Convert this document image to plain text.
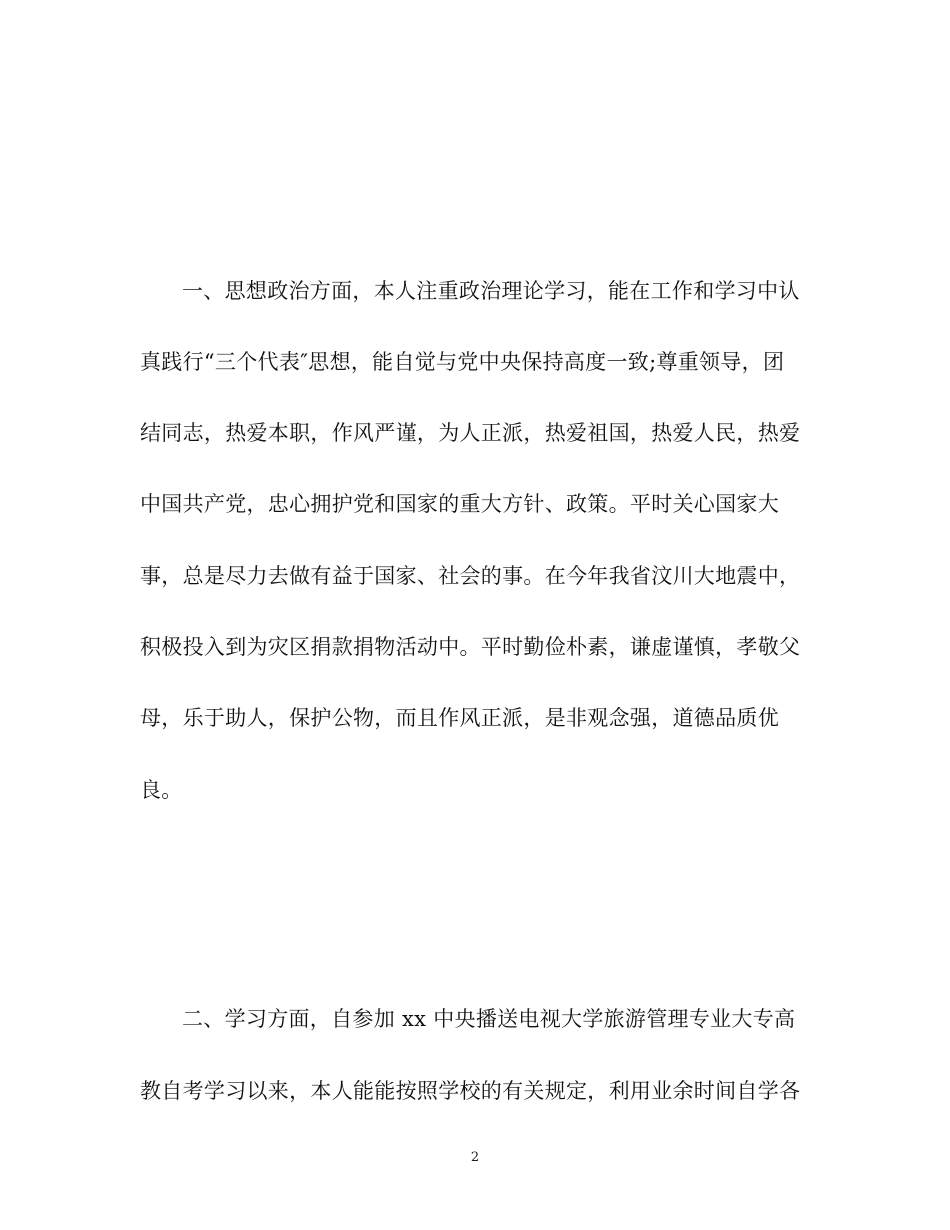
一、思想政治方面，本人注重政治理论学习，能在工作和学习中认
真践行“三个代表″思想，能自觉与党中央保持高度一致;尊重领导，团
结同志，热爱本职，作风严谨，为人正派，热爱祖国，热爱人民，热爱
中国共产党，忠心拥护党和国家的重大方针、政策。平时关心国家大
事，总是尽力去做有益于国家、社会的事。在今年我省汶川大地震中，
积极投入到为灾区捐款捐物活动中。平时勤俭朴素，谦虚谨慎，孝敬父
母，乐于助人，保护公物，而且作风正派，是非观念强，道德品质优
良。
二、学习方面，自参加 xx 中央播送电视大学旅游管理专业大专高
教自考学习以来，本人能能按照学校的有关规定，利用业余时间自学各
2
